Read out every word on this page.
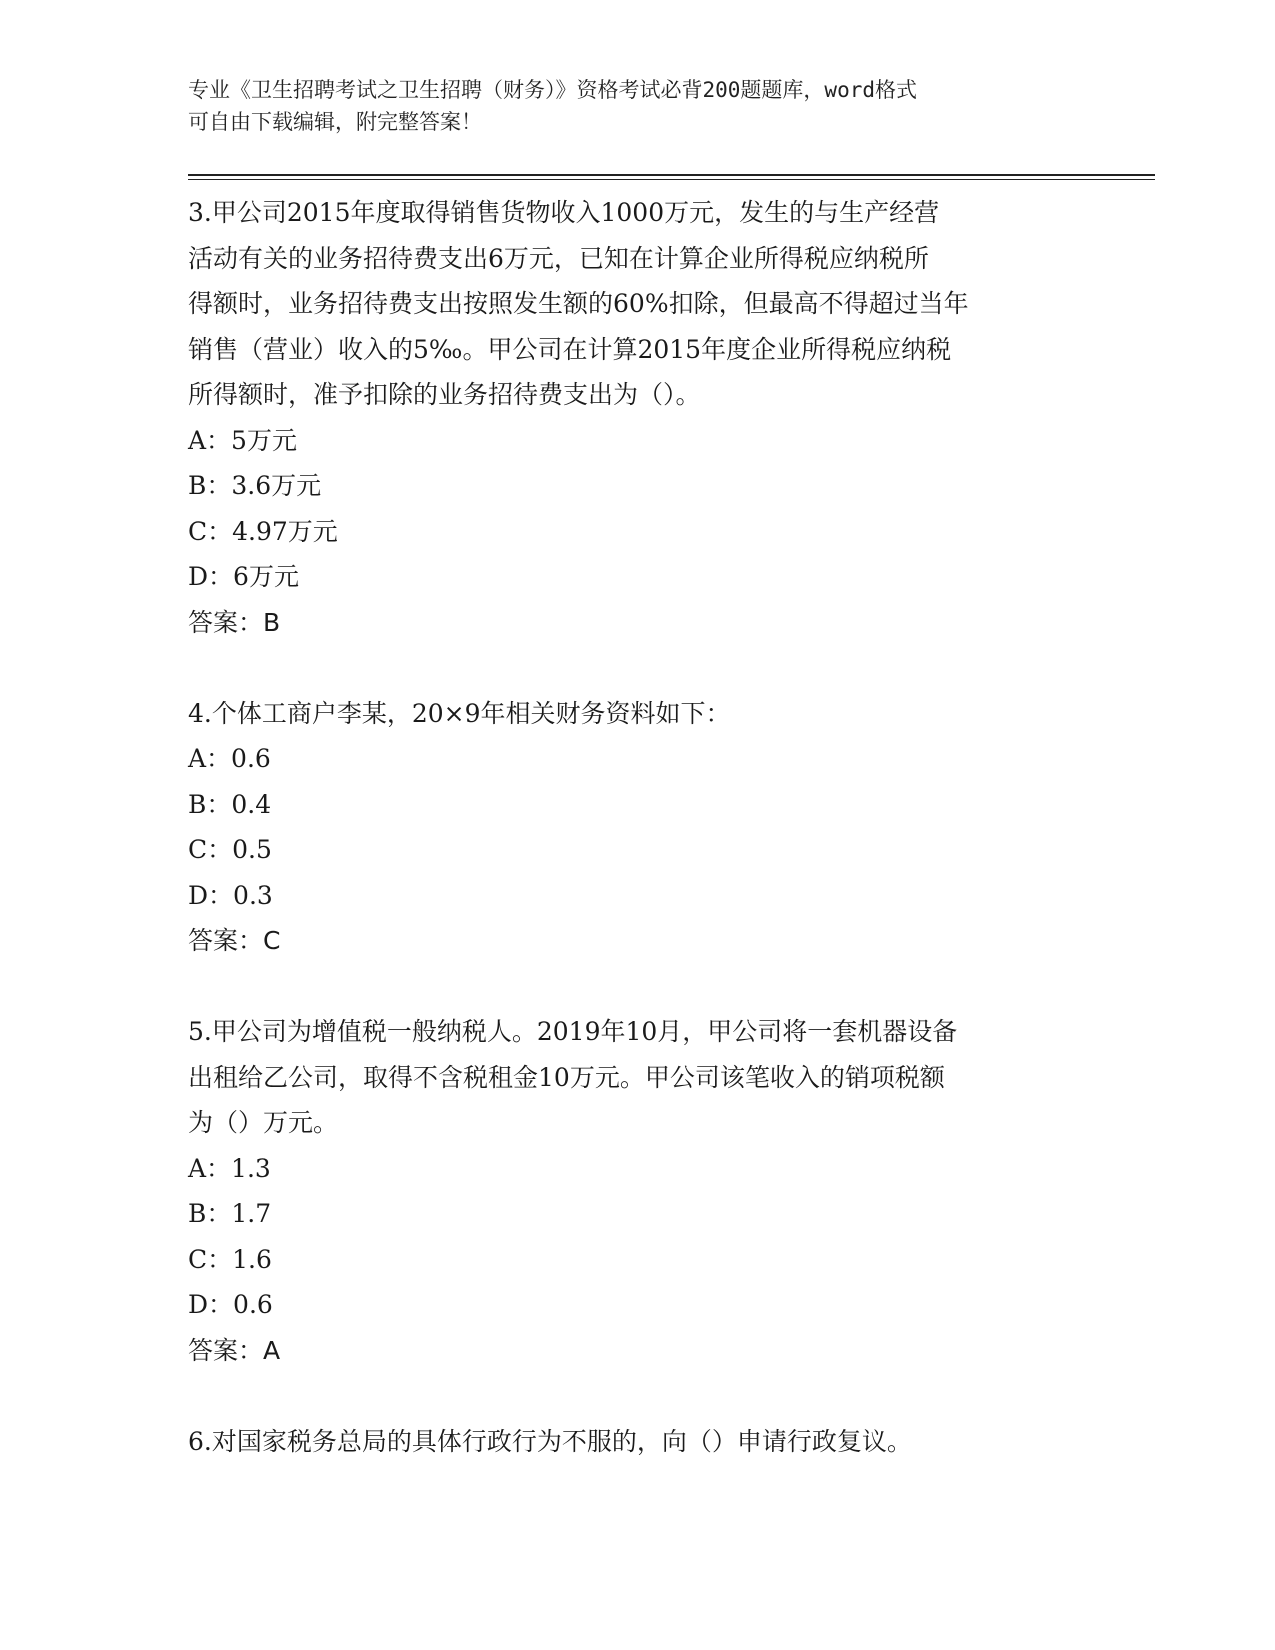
专业《卫生招聘考试之卫生招聘（财务）》资格考试必背200题题库，word格式
可自由下载编辑，附完整答案！
3.甲公司2015年度取得销售货物收入1000万元，发生的与生产经营
活动有关的业务招待费支出6万元，已知在计算企业所得税应纳税所
得额时，业务招待费支出按照发生额的60%扣除，但最高不得超过当年
销售（营业）收入的5‰。甲公司在计算2015年度企业所得税应纳税
所得额时，准予扣除的业务招待费支出为（）。
A：5万元
B：3.6万元
C：4.97万元
D：6万元
答案：B
4.个体工商户李某，20×9年相关财务资料如下：
A：0.6
B：0.4
C：0.5
D：0.3
答案：C
5.甲公司为增值税一般纳税人。2019年10月，甲公司将一套机器设备
出租给乙公司，取得不含税租金10万元。甲公司该笔收入的销项税额
为（）万元。
A：1.3
B：1.7
C：1.6
D：0.6
答案：A
6.对国家税务总局的具体行政行为不服的，向（）申请行政复议。
